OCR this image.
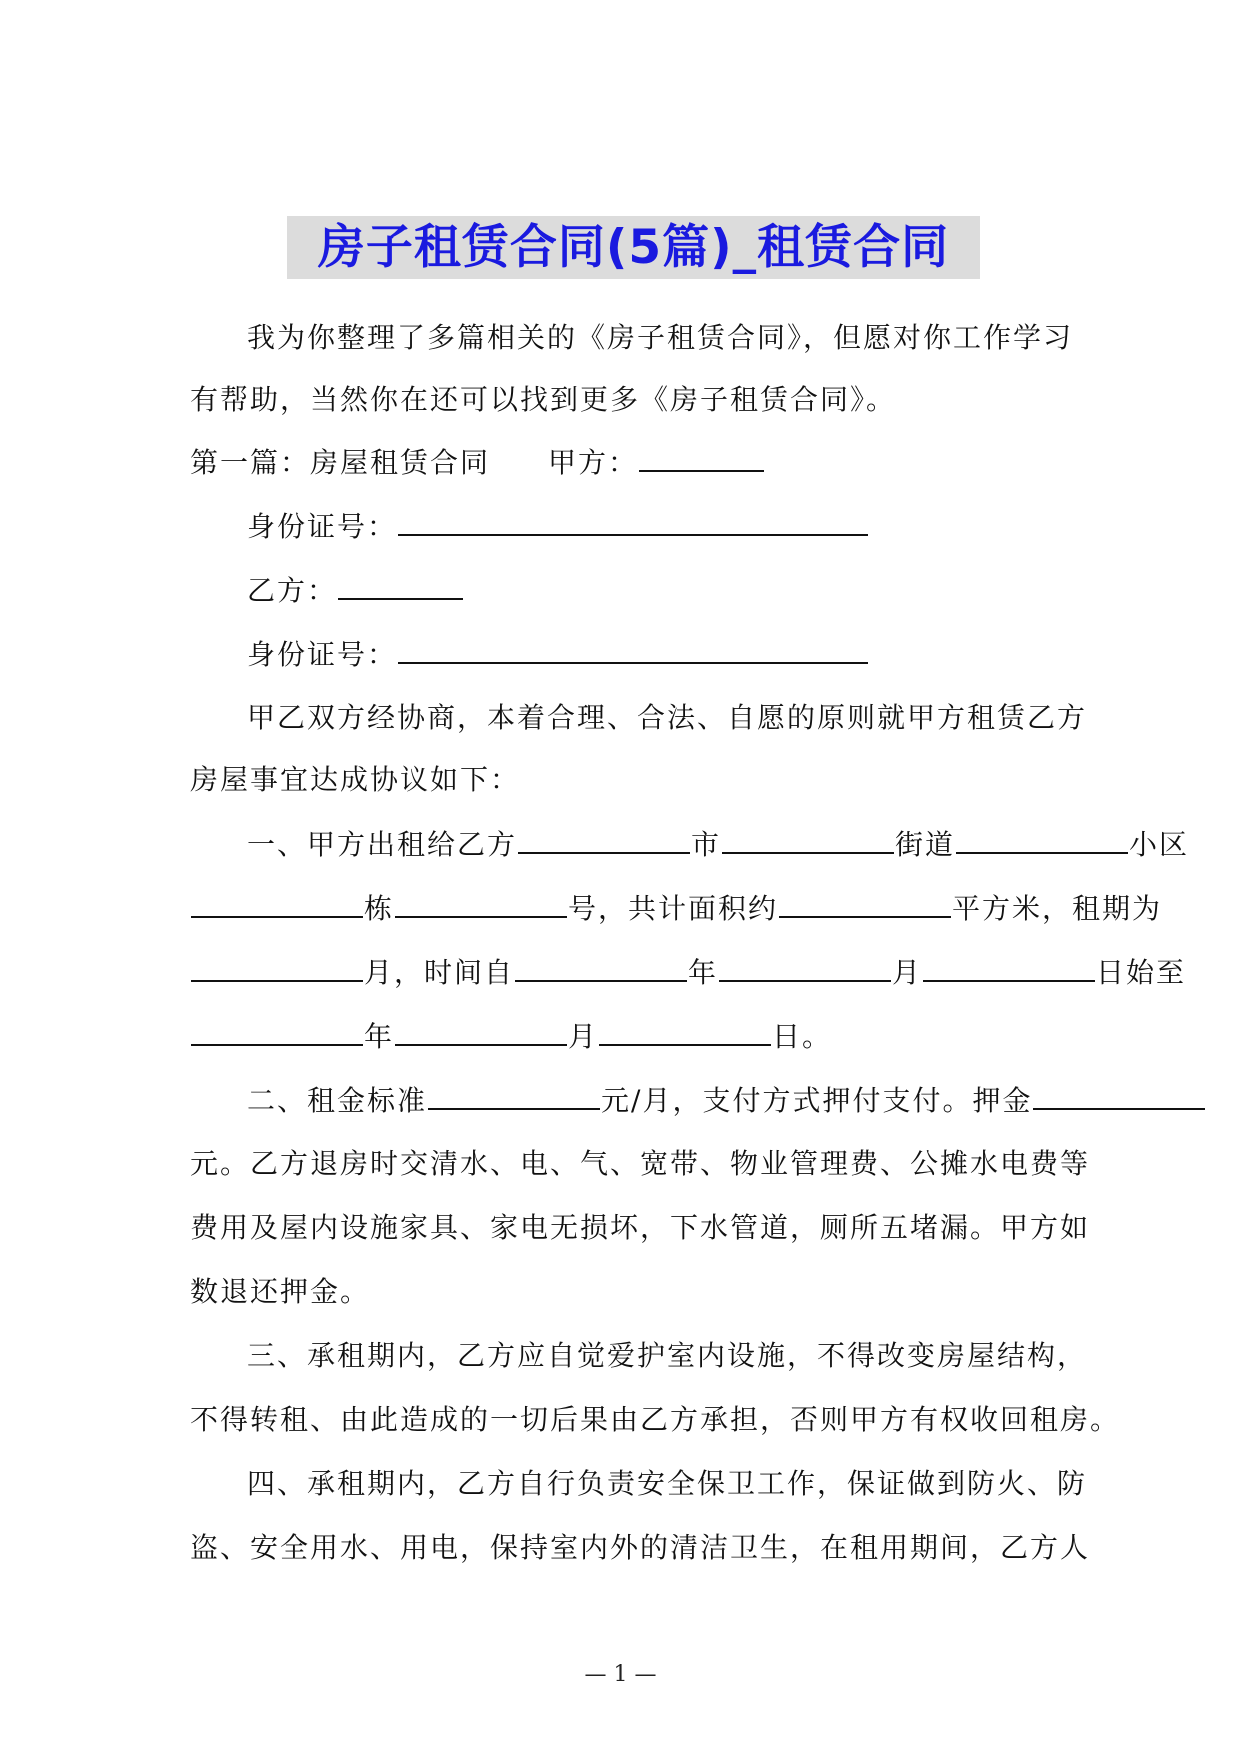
房子租赁合同(5篇)_租赁合同
我为你整理了多篇相关的《房子租赁合同》，但愿对你工作学习
有帮助，当然你在还可以找到更多《房子租赁合同》。
第一篇：房屋租赁合同 甲方：
身份证号：
乙方：
身份证号：
甲乙双方经协商，本着合理、合法、自愿的原则就甲方租赁乙方
房屋事宜达成协议如下：
一、甲方出租给乙方	市	街道	小区
栋	号，共计面积约	平方米，租期为
月，时间自	年	月	日始至
年	月	日。
二、租金标准	元/月，支付方式押付支付。押金
元。乙方退房时交清水、电、气、宽带、物业管理费、公摊水电费等
费用及屋内设施家具、家电无损坏，下水管道，厕所五堵漏。甲方如
数退还押金。
三、承租期内，乙方应自觉爱护室内设施，不得改变房屋结构，
不得转租、由此造成的一切后果由乙方承担，否则甲方有权收回租房。
四、承租期内，乙方自行负责安全保卫工作，保证做到防火、防
盗、安全用水、用电，保持室内外的清洁卫生，在租用期间，乙方人
— 1 —
